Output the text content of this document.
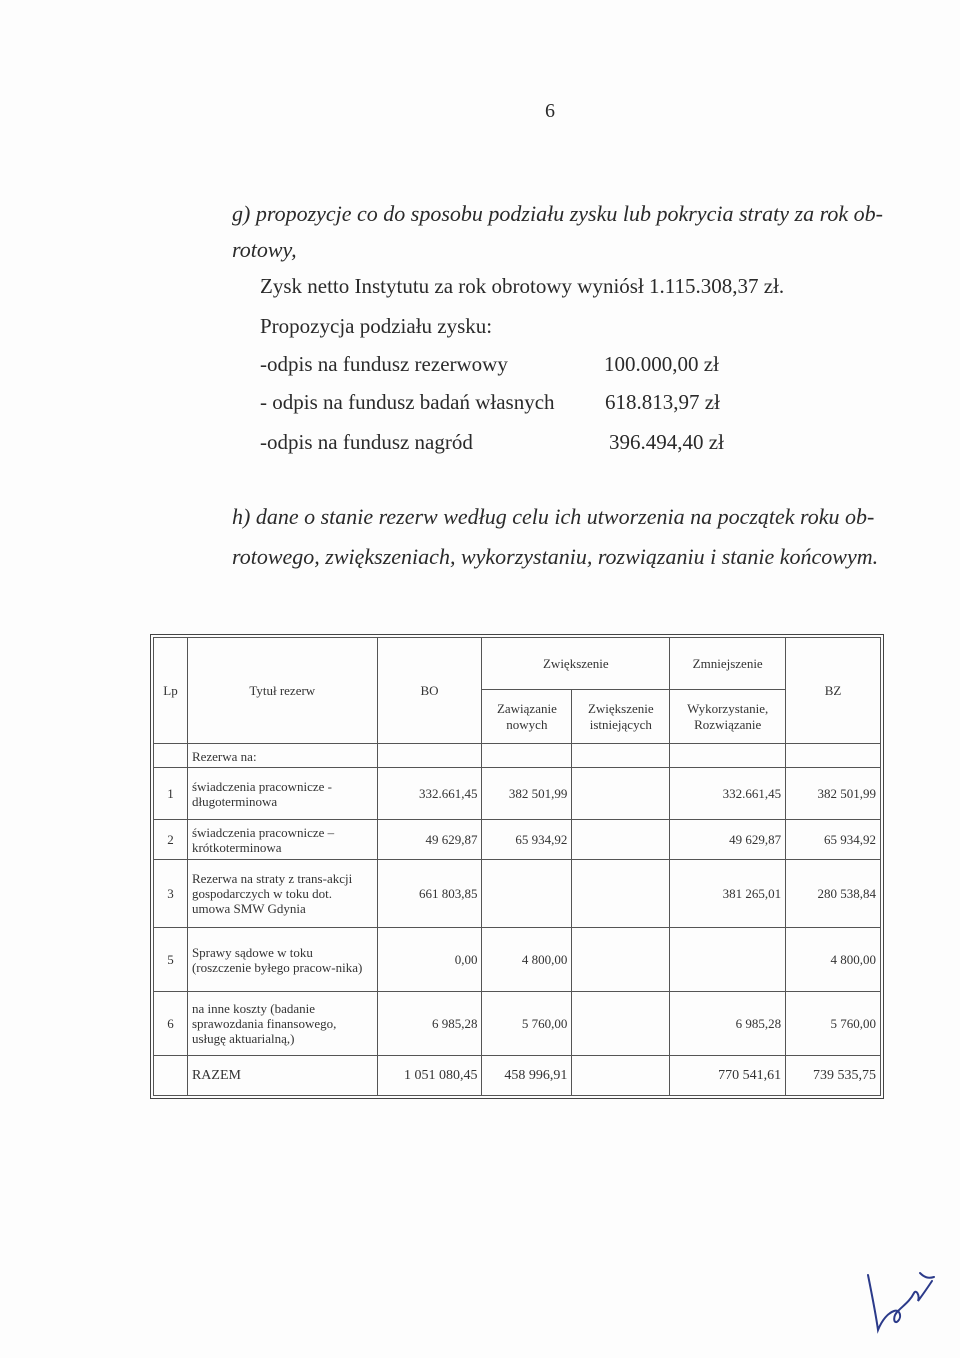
6
g) propozycje co do sposobu podziału zysku lub pokrycia straty za rok ob-
rotowy,
Zysk netto Instytutu za rok obrotowy wyniósł 1.115.308,37 zł.
Propozycja podziału zysku:
-odpis na fundusz rezerwowy	100.000,00 zł
- odpis na fundusz badań własnych 618.813,97 zł
-odpis na fundusz nagród	396.494,40 zł
h) dane o stanie rezerw według celu ich utworzenia na początek roku ob-
rotowego, zwiększeniach, wykorzystaniu, rozwiązaniu i stanie końcowym.
Lp	Tytuł rezerw	BO	Zwiększenie		Zmniejszenie	BZ
			Zawiązanie nowych	Zwiększenie istniejących	Wykorzystanie, Rozwiązanie	
	Rezerwa na:					
1	świadczenia pracownicze - długoterminowa	332.661,45	382 501,99		332.661,45	382 501,99
2	świadczenia pracownicze – krótkoterminowa	49 629,87	65 934,92		49 629,87	65 934,92
3	Rezerwa na straty z trans-akcji gospodarczych w toku dot. umowa SMW Gdynia	661 803,85			381 265,01	280 538,84
5	Sprawy sądowe w toku (roszczenie byłego pracow-nika)	0,00	4 800,00			4 800,00
6	na inne koszty (badanie sprawozdania finansowego, usługę aktuarialną,)	6 985,28	5 760,00		6 985,28	5 760,00
	RAZEM	1 051 080,45	458 996,91		770 541,61	739 535,75
